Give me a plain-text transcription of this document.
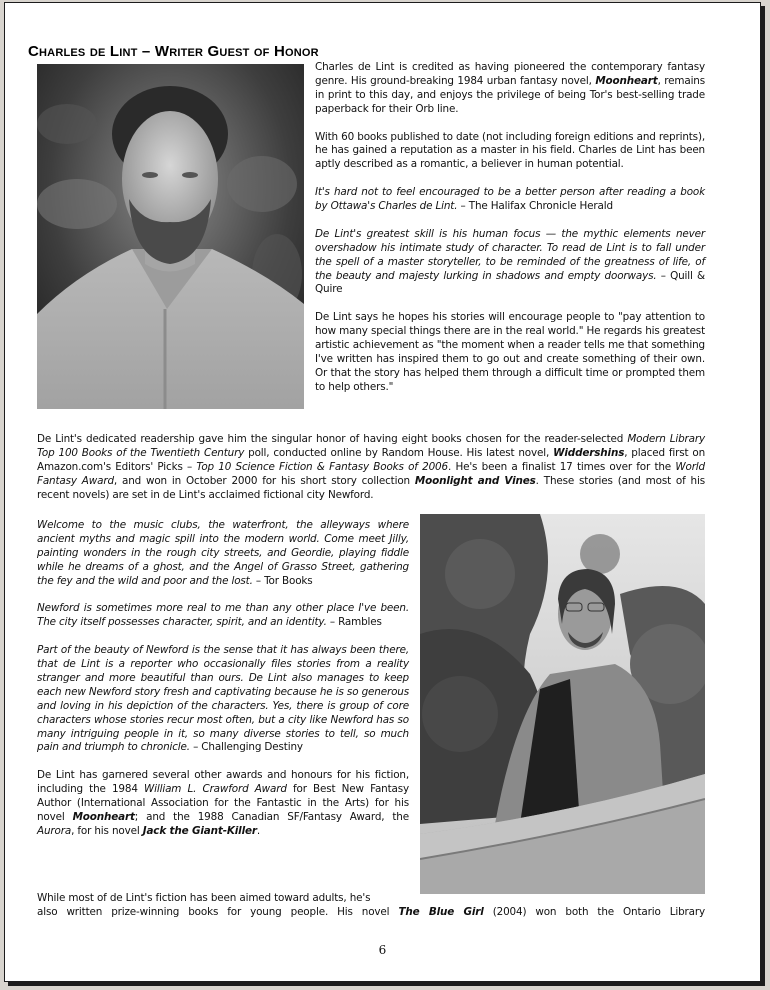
Charles de Lint – Writer Guest of Honor

Charles de Lint is credited as having pioneered the contemporary fantasy genre. His ground-breaking 1984 urban fantasy novel, Moonheart, remains in print to this day, and enjoys the privilege of being Tor's best-selling trade paperback for their Orb line.

With 60 books published to date (not including foreign editions and reprints), he has gained a reputation as a master in his field. Charles de Lint has been aptly described as a romantic, a believer in human potential.

It's hard not to feel encouraged to be a better person after reading a book by Ottawa's Charles de Lint. – The Halifax Chronicle Herald

De Lint's greatest skill is his human focus — the mythic elements never overshadow his intimate study of character. To read de Lint is to fall under the spell of a master storyteller, to be reminded of the greatness of life, of the beauty and majesty lurking in shadows and empty doorways. – Quill & Quire

De Lint says he hopes his stories will encourage people to "pay attention to how many special things there are in the real world." He regards his greatest artistic achievement as "the moment when a reader tells me that something I've written has inspired them to go out and create something of their own. Or that the story has helped them through a difficult time or prompted them to help others."

De Lint's dedicated readership gave him the singular honor of having eight books chosen for the reader-selected Modern Library Top 100 Books of the Twentieth Century poll, conducted online by Random House. His latest novel, Widdershins, placed first on Amazon.com's Editors' Picks – Top 10 Science Fiction & Fantasy Books of 2006. He's been a finalist 17 times over for the World Fantasy Award, and won in October 2000 for his short story collection Moonlight and Vines. These stories (and most of his recent novels) are set in de Lint's acclaimed fictional city Newford.

Welcome to the music clubs, the waterfront, the alleyways where ancient myths and magic spill into the modern world. Come meet Jilly, painting wonders in the rough city streets, and Geordie, playing fiddle while he dreams of a ghost, and the Angel of Grasso Street, gathering the fey and the wild and poor and the lost. – Tor Books

Newford is sometimes more real to me than any other place I've been. The city itself possesses character, spirit, and an identity. – Rambles

Part of the beauty of Newford is the sense that it has always been there, that de Lint is a reporter who occasionally files stories from a reality stranger and more beautiful than ours. De Lint also manages to keep each new Newford story fresh and captivating because he is so generous and loving in his depiction of the characters. Yes, there is group of core characters whose stories recur most often, but a city like Newford has so many intriguing people in it, so many diverse stories to tell, so much pain and triumph to chronicle. – Challenging Destiny

De Lint has garnered several other awards and honours for his fiction, including the 1984 William L. Crawford Award for Best New Fantasy Author (International Association for the Fantastic in the Arts) for his novel Moonheart; and the 1988 Canadian SF/Fantasy Award, the Aurora, for his novel Jack the Giant-Killer.

While most of de Lint's fiction has been aimed toward adults, he's
also written prize-winning books for young people. His novel The Blue Girl (2004) won both the Ontario Library
6
